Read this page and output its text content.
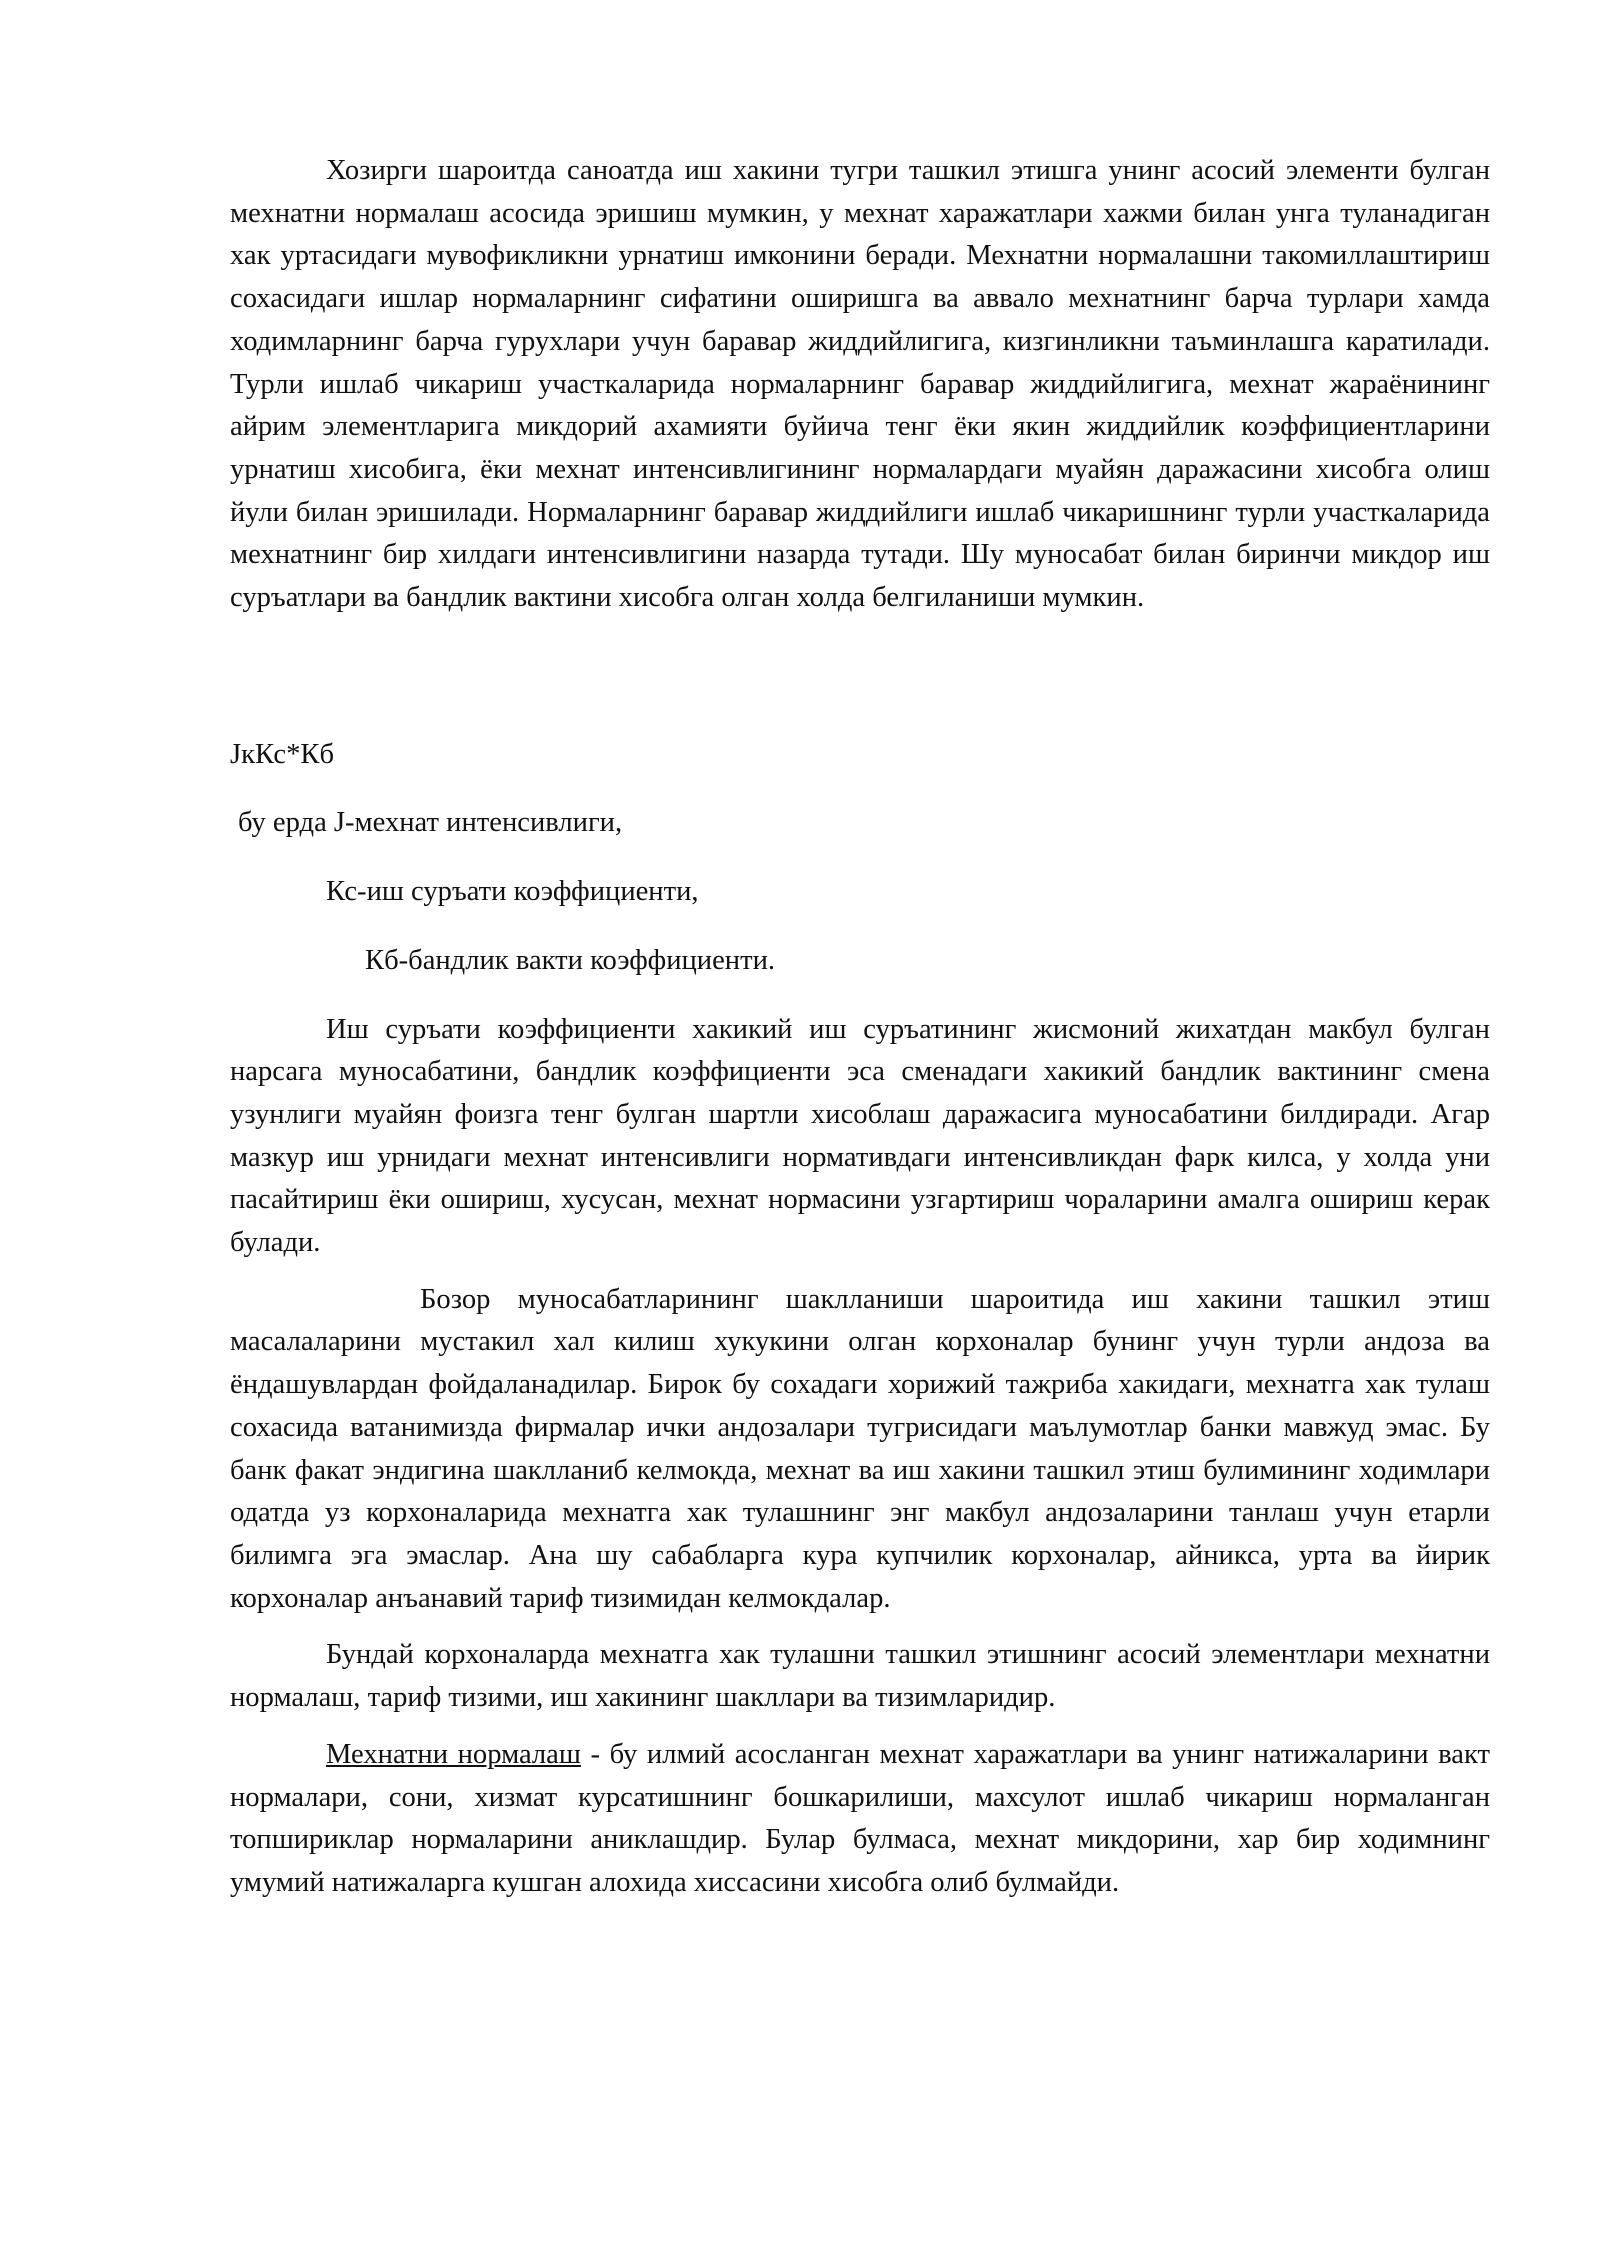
Хозирги шароитда саноатда иш хакини тугри ташкил этишга унинг асосий элементи булган мехнатни нормалаш асосида эришиш мумкин, у мехнат харажатлари хажми билан унга туланадиган хак уртасидаги мувофикликни урнатиш имконини беради. Мехнатни нормалашни такомиллаштириш сохасидаги ишлар нормаларнинг сифатини оширишга ва аввало мехнатнинг барча турлари хамда ходимларнинг барча гурухлари учун баравар жиддийлигига, кизгинликни таъминлашга каратилади. Турли ишлаб чикариш участкаларида нормаларнинг баравар жиддийлигига, мехнат жараёнининг айрим элементларига микдорий ахамияти буйича тенг ёки якин жиддийлик коэффициентларини урнатиш хисобига, ёки мехнат интенсивлигининг нормалардаги муайян даражасини хисобга олиш йули билан эришилади. Нормаларнинг баравар жиддийлиги ишлаб чикаришнинг турли участкаларида мехнатнинг бир хилдаги интенсивлигини назарда тутади. Шу муносабат билан биринчи микдор иш суръатлари ва бандлик вактини хисобга олган холда белгиланиши мумкин.

JкКс*Кб

бу ерда J-мехнат интенсивлиги,

Кс-иш суръати коэффициенти,

Кб-бандлик вакти коэффициенти.

Иш суръати коэффициенти хакикий иш суръатининг жисмоний жихатдан макбул булган нарсага муносабатини, бандлик коэффициенти эса сменадаги хакикий бандлик вактининг смена узунлиги муайян фоизга тенг булган шартли хисоблаш даражасига муносабатини билдиради. Агар мазкур иш урнидаги мехнат интенсивлиги нормативдаги интенсивликдан фарк килса, у холда уни пасайтириш ёки ошириш, хусусан, мехнат нормасини узгартириш чораларини амалга ошириш керак булади.

Бозор муносабатларининг шаклланиши шароитида иш хакини ташкил этиш масалаларини мустакил хал килиш хукукини олган корхоналар бунинг учун турли андоза ва ёндашувлардан фойдаланадилар. Бирок бу сохадаги хорижий тажриба хакидаги, мехнатга хак тулаш сохасида ватанимизда фирмалар ички андозалари тугрисидаги маълумотлар банки мавжуд эмас. Бу банк факат эндигина шаклланиб келмокда, мехнат ва иш хакини ташкил этиш булимининг ходимлари одатда уз корхоналарида мехнатга хак тулашнинг энг макбул андозаларини танлаш учун етарли билимга эга эмаслар. Ана шу сабабларга кура купчилик корхоналар, айникса, урта ва йирик корхоналар анъанавий тариф тизимидан келмокдалар.

Бундай корхоналарда мехнатга хак тулашни ташкил этишнинг асосий элементлари мехнатни нормалаш, тариф тизими, иш хакининг шакллари ва тизимларидир.

Мехнатни нормалаш - бу илмий асосланган мехнат харажатлари ва унинг натижаларини вакт нормалари, сони, хизмат курсатишнинг бошкарилиши, махсулот ишлаб чикариш нормаланган топшириклар нормаларини аниклашдир. Булар булмаса, мехнат микдорини, хар бир ходимнинг умумий натижаларга кушган алохида хиссасини хисобга олиб булмайди.
